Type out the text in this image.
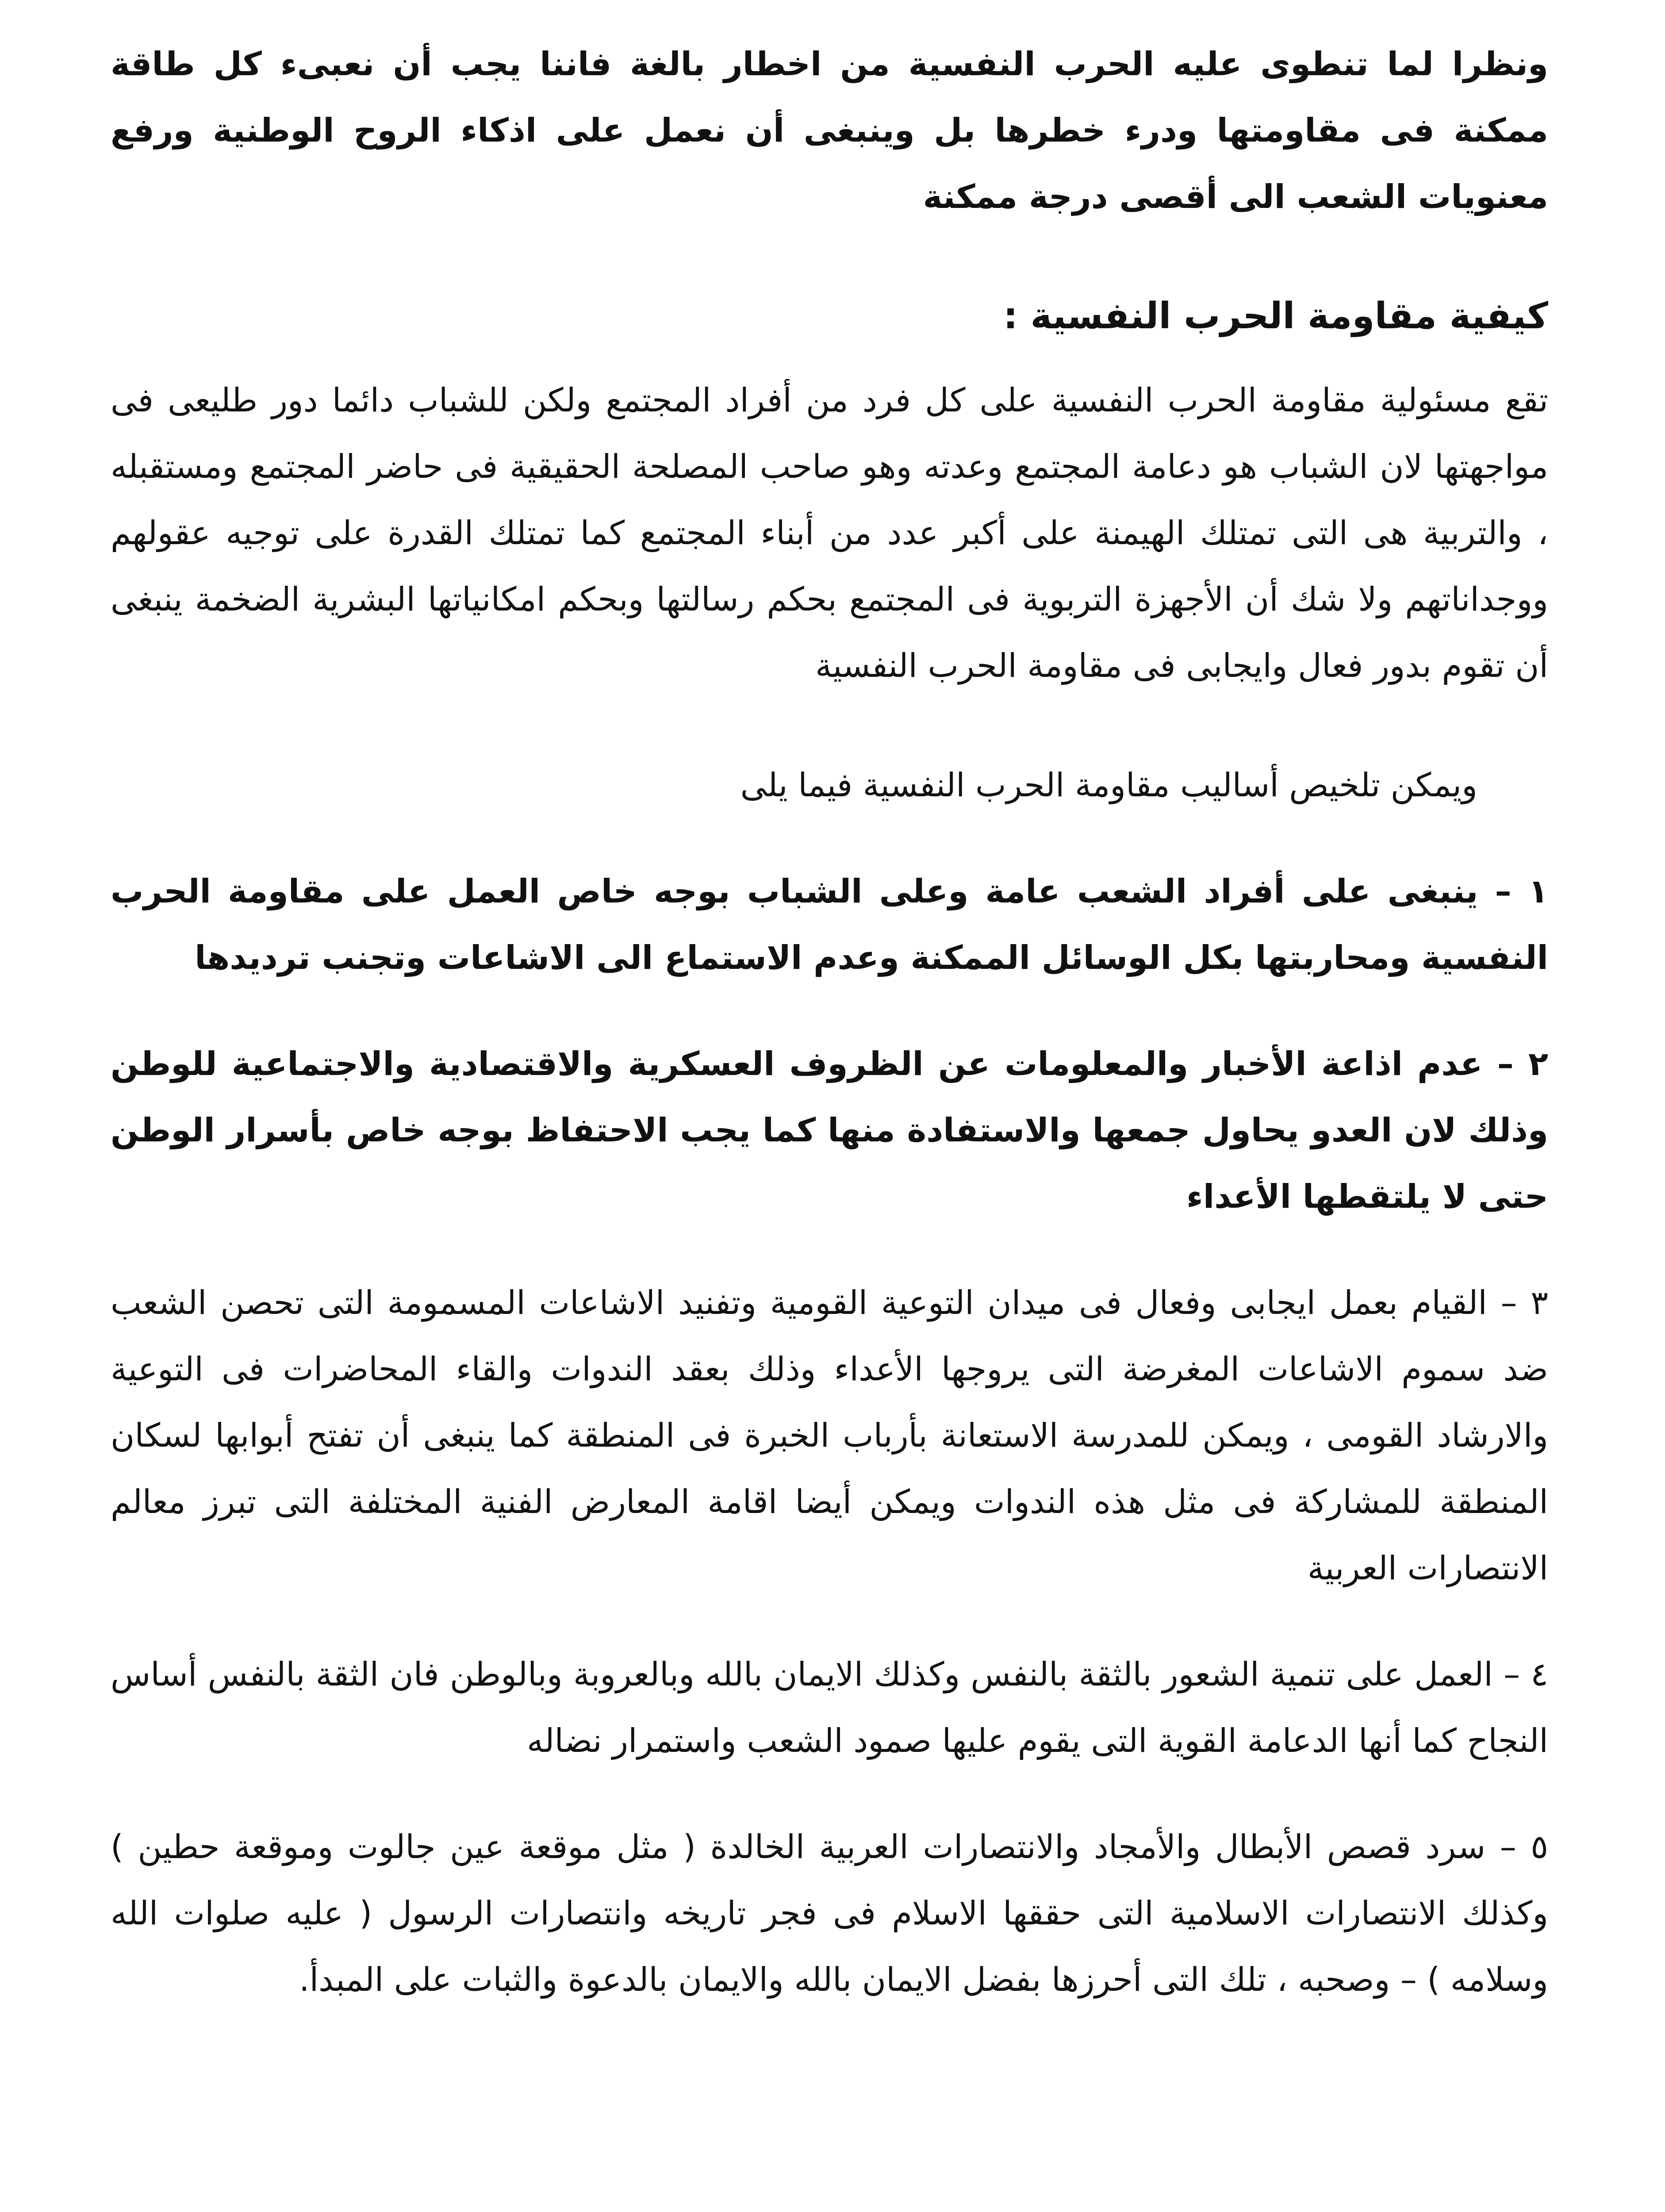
ونظرا لما تنطوى عليه الحرب النفسية من اخطار بالغة فاننا يجب أن نعبىء كل طاقة ممكنة فى مقاومتها ودرء خطرها بل وينبغى أن نعمل على اذكاء الروح الوطنية ورفع معنويات الشعب الى أقصى درجة ممكنة

كيفية مقاومة الحرب النفسية :

تقع مسئولية مقاومة الحرب النفسية على كل فرد من أفراد المجتمع ولكن للشباب دائما دور طليعى فى مواجهتها لان الشباب هو دعامة المجتمع وعدته وهو صاحب المصلحة الحقيقية فى حاضر المجتمع ومستقبله ، والتربية هى التى تمتلك الهيمنة على أكبر عدد من أبناء المجتمع كما تمتلك القدرة على توجيه عقولهم ووجداناتهم ولا شك أن الأجهزة التربوية فى المجتمع بحكم رسالتها وبحكم امكانياتها البشرية الضخمة ينبغى أن تقوم بدور فعال وايجابى فى مقاومة الحرب النفسية

ويمكن تلخيص أساليب مقاومة الحرب النفسية فيما يلى

١ – ينبغى على أفراد الشعب عامة وعلى الشباب بوجه خاص العمل على مقاومة الحرب النفسية ومحاربتها بكل الوسائل الممكنة وعدم الاستماع الى الاشاعات وتجنب ترديدها

٢ – عدم اذاعة الأخبار والمعلومات عن الظروف العسكرية والاقتصادية والاجتماعية للوطن وذلك لان العدو يحاول جمعها والاستفادة منها كما يجب الاحتفاظ بوجه خاص بأسرار الوطن حتى لا يلتقطها الأعداء

٣ – القيام بعمل ايجابى وفعال فى ميدان التوعية القومية وتفنيد الاشاعات المسمومة التى تحصن الشعب ضد سموم الاشاعات المغرضة التى يروجها الأعداء وذلك بعقد الندوات والقاء المحاضرات فى التوعية والارشاد القومى ، ويمكن للمدرسة الاستعانة بأرباب الخبرة فى المنطقة كما ينبغى أن تفتح أبوابها لسكان المنطقة للمشاركة فى مثل هذه الندوات ويمكن أيضا اقامة المعارض الفنية المختلفة التى تبرز معالم الانتصارات العربية

٤ – العمل على تنمية الشعور بالثقة بالنفس وكذلك الايمان بالله وبالعروبة وبالوطن فان الثقة بالنفس أساس النجاح كما أنها الدعامة القوية التى يقوم عليها صمود الشعب واستمرار نضاله

٥ – سرد قصص الأبطال والأمجاد والانتصارات العربية الخالدة ( مثل موقعة عين جالوت وموقعة حطين ) وكذلك الانتصارات الاسلامية التى حققها الاسلام فى فجر تاريخه وانتصارات الرسول ( عليه صلوات الله وسلامه ) – وصحبه ، تلك التى أحرزها بفضل الايمان بالله والايمان بالدعوة والثبات على المبدأ.
